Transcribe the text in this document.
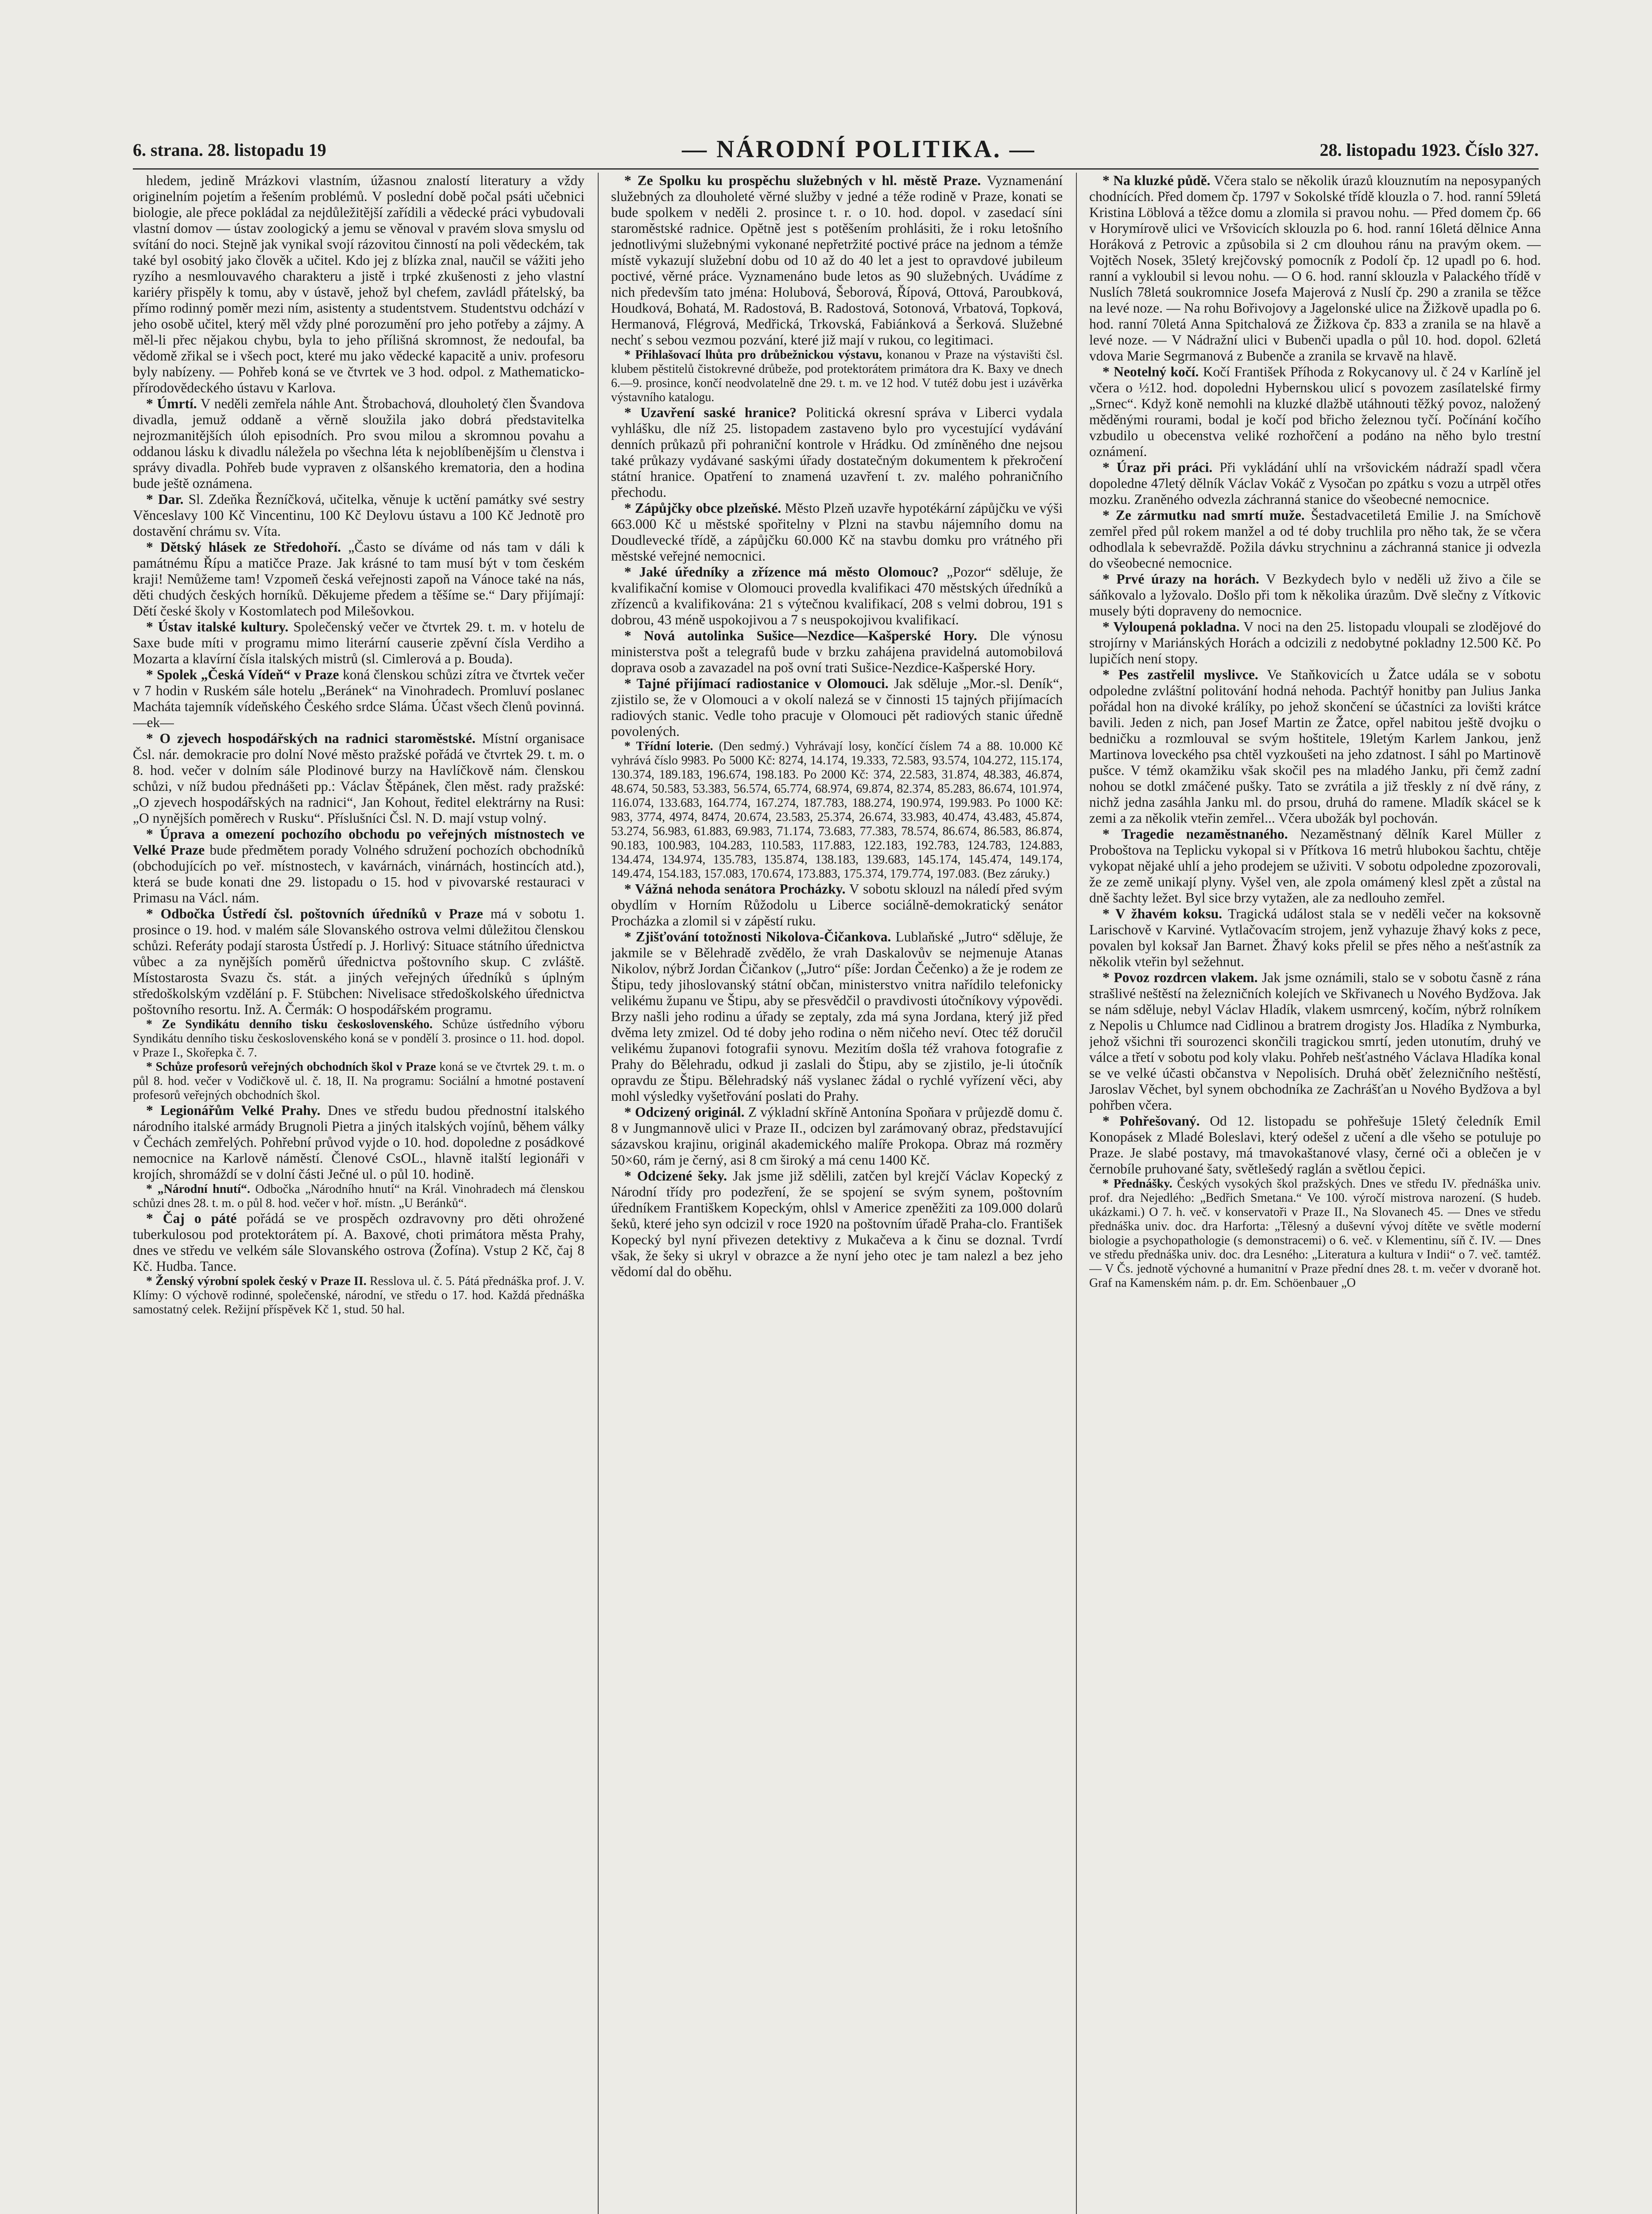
6. strana. 28. listopadu 19	— NÁRODNÍ POLITIKA. —	28. listopadu 1923. Číslo 327.

hledem, jedině Mrázkovi vlastním, úžasnou znalostí literatury a vždy originelním pojetím a řešením problémů. V poslední době počal psáti učebnici biologie, ale přece pokládal za nejdůležitější zařídili a vědecké práci vybudovali vlastní domov — ústav zoologický a jemu se věnoval v pravém slova smyslu od svítání do noci. Stejně jak vynikal svojí rázovitou činností na poli vědeckém, tak také byl osobitý jako člověk a učitel. Kdo jej z blízka znal, naučil se vážiti jeho ryzího a nesmlouvavého charakteru a jistě i trpké zkušenosti z jeho vlastní kariéry přispěly k tomu, aby v ústavě, jehož byl chefem, zavládl přátelský, ba přímo rodinný poměr mezi ním, asistenty a studentstvem. Studentstvu odchází v jeho osobě učitel, který měl vždy plné porozumění pro jeho potřeby a zájmy. A měl-li přec nějakou chybu, byla to jeho přílišná skromnost, že nedoufal, ba vědomě zřikal se i všech poct, které mu jako vědecké kapacitě a univ. profesoru byly nabízeny. — Pohřeb koná se ve čtvrtek ve 3 hod. odpol. z Mathematicko-přírodovědeckého ústavu v Karlova.

* Úmrtí. V neděli zemřela náhle Ant. Štrobachová, dlouholetý člen Švandova divadla, jemuž oddaně a věrně sloužila jako dobrá představitelka nejrozmanitějších úloh episodních. Pro svou milou a skromnou povahu a oddanou lásku k divadlu náležela po všechna léta k nejoblíbenějším u členstva i správy divadla. Pohřeb bude vypraven z olšanského krematoria, den a hodina bude ještě oznámena.

* Dar. Sl. Zdeňka Řezníčková, učitelka, věnuje k uctění památky své sestry Věnceslavy 100 Kč Vincentinu, 100 Kč Deylovu ústavu a 100 Kč Jednotě pro dostavění chrámu sv. Víta.

* Dětský hlásek ze Středohoří. „Často se díváme od nás tam v dáli k památnému Řípu a matičce Praze. Jak krásné to tam musí být v tom českém kraji! Nemůžeme tam! Vzpomeň česká veřejnosti zapoň na Vánoce také na nás, děti chudých českých horníků. Děkujeme předem a těšíme se.“ Dary přijímají: Dětí české školy v Kostomlatech pod Milešovkou.

* Ústav italské kultury. Společenský večer ve čtvrtek 29. t. m. v hotelu de Saxe bude míti v programu mimo literární causerie zpěvní čísla Verdiho a Mozarta a klavírní čísla italských mistrů (sl. Cimlerová a p. Bouda).

* Spolek „Česká Vídeň“ v Praze koná členskou schůzi zítra ve čtvrtek večer v 7 hodin v Ruském sále hotelu „Beránek“ na Vinohradech. Promluví poslanec Macháta tajemník vídeňského Českého srdce Sláma. Účast všech členů povinná. —ek—

* O zjevech hospodářských na radnici staroměstské. Místní organisace Čsl. nár. demokracie pro dolní Nové město pražské pořádá ve čtvrtek 29. t. m. o 8. hod. večer v dolním sále Plodinové burzy na Havlíčkově nám. členskou schůzi, v níž budou přednášeti pp.: Václav Štěpánek, člen měst. rady pražské: „O zjevech hospodářských na radnici“, Jan Kohout, ředitel elektrárny na Rusi: „O nynějších poměrech v Rusku“. Příslušníci Čsl. N. D. mají vstup volný.

* Úprava a omezení pochozího obchodu po veřejných místnostech ve Velké Praze bude předmětem porady Volného sdružení pochozích obchodníků (obchodujících po veř. místnostech, v kavárnách, vinárnách, hostincích atd.), která se bude konati dne 29. listopadu o 15. hod v pivovarské restauraci v Primasu na Václ. nám.

* Odbočka Ústředí čsl. poštovních úředníků v Praze má v sobotu 1. prosince o 19. hod. v malém sále Slovanského ostrova velmi důležitou členskou schůzi. Referáty podají starosta Ústředí p. J. Horlivý: Situace státního úřednictva vůbec a za nynějších poměrů úřednictva poštovního skup. C zvláště. Místostarosta Svazu čs. stát. a jiných veřejných úředníků s úplným středoškolským vzdělání p. F. Stübchen: Nivelisace středoškolského úřednictva poštovního resortu. Inž. A. Čermák: O hospodářském programu.

* Ze Syndikátu denního tisku československého. Schůze ústředního výboru Syndikátu denního tisku československého koná se v pondělí 3. prosince o 11. hod. dopol. v Praze I., Skořepka č. 7.

* Schůze profesorů veřejných obchodních škol v Praze koná se ve čtvrtek 29. t. m. o půl 8. hod. večer v Vodičkově ul. č. 18, II. Na programu: Sociální a hmotné postavení profesorů veřejných obchodních škol.

* Legionářům Velké Prahy. Dnes ve středu budou přednostní italského národního italské armády Brugnoli Pietra a jiných italských vojínů, během války v Čechách zemřelých. Pohřební průvod vyjde o 10. hod. dopoledne z posádkové nemocnice na Karlově náměstí. Členové CsOL., hlavně italští legionáři v krojích, shromáždí se v dolní části Ječné ul. o půl 10. hodině.

* „Národní hnutí“. Odbočka „Národního hnutí“ na Král. Vinohradech má členskou schůzi dnes 28. t. m. o půl 8. hod. večer v hoř. místn. „U Beránků“.

* Čaj o páté pořádá se ve prospěch ozdravovny pro děti ohrožené tuberkulosou pod protektorátem pí. A. Baxové, choti primátora města Prahy, dnes ve středu ve velkém sále Slovanského ostrova (Žofína). Vstup 2 Kč, čaj 8 Kč. Hudba. Tance.

* Ženský výrobní spolek český v Praze II. Resslova ul. č. 5. Pátá přednáška prof. J. V. Klímy: O výchově rodinné, společenské, národní, ve středu o 17. hod. Každá přednáška samostatný celek. Režijní příspěvek Kč 1, stud. 50 hal.

* Ze Spolku ku prospěchu služebných v hl. městě Praze. Vyznamenání služebných za dlouholeté věrné služby v jedné a téže rodině v Praze, konati se bude spolkem v neděli 2. prosince t. r. o 10. hod. dopol. v zasedací síni staroměstské radnice. Opětně jest s potěšením prohlásiti, že i roku letošního jednotlivými služebnými vykonané nepřetržité poctivé práce na jednom a témže místě vykazují služební dobu od 10 až do 40 let a jest to opravdové jubileum poctivé, věrné práce. Vyznamenáno bude letos as 90 služebných. Uvádíme z nich především tato jména: Holubová, Šeborová, Řípová, Ottová, Paroubková, Houdková, Bohatá, M. Radostová, B. Radostová, Sotonová, Vrbatová, Topková, Hermanová, Flégrová, Medřická, Trkovská, Fabiánková a Šerková. Služebné nechť s sebou vezmou pozvání, které již mají v rukou, co legitimaci.

* Přihlašovací lhůta pro drůbežnickou výstavu, konanou v Praze na výstavišti čsl. klubem pěstitelů čistokrevné drůbeže, pod protektorátem primátora dra K. Baxy ve dnech 6.—9. prosince, končí neodvolatelně dne 29. t. m. ve 12 hod. V tutéž dobu jest i uzávěrka výstavního katalogu.

* Uzavření saské hranice? Politická okresní správa v Liberci vydala vyhlášku, dle níž 25. listopadem zastaveno bylo pro vycestující vydávání denních průkazů při pohraniční kontrole v Hrádku. Od zmíněného dne nejsou také průkazy vydávané saskými úřady dostatečným dokumentem k překročení státní hranice. Opatření to znamená uzavření t. zv. malého pohraničního přechodu.

* Zápůjčky obce plzeňské. Město Plzeň uzavře hypotékární zápůjčku ve výši 663.000 Kč u městské spořitelny v Plzni na stavbu nájemního domu na Doudlevecké třídě, a zápůjčku 60.000 Kč na stavbu domku pro vrátného při městské veřejné nemocnici.

* Jaké úředníky a zřízence má město Olomouc? „Pozor“ sděluje, že kvalifikační komise v Olomouci provedla kvalifikaci 470 městských úředníků a zřízenců a kvalifikována: 21 s výtečnou kvalifikací, 208 s velmi dobrou, 191 s dobrou, 43 méně uspokojivou a 7 s neuspokojivou kvalifikací.

* Nová autolinka Sušice—Nezdice—Kašperské Hory. Dle výnosu ministerstva pošt a telegrafů bude v brzku zahájena pravidelná automobilová doprava osob a zavazadel na poš ovní trati Sušice-Nezdice-Kašperské Hory.

* Tajné přijímací radiostanice v Olomouci. Jak sděluje „Mor.-sl. Deník“, zjistilo se, že v Olomouci a v okolí nalezá se v činnosti 15 tajných přijímacích radiových stanic. Vedle toho pracuje v Olomouci pět radiových stanic úředně povolených.

* Třídní loterie. (Den sedmý.) Vyhrávají losy, končící číslem 74 a 88. 10.000 Kč vyhrává číslo 9983. Po 5000 Kč: 8274, 14.174, 19.333, 72.583, 93.574, 104.272, 115.174, 130.374, 189.183, 196.674, 198.183. Po 2000 Kč: 374, 22.583, 31.874, 48.383, 46.874, 48.674, 50.583, 53.383, 56.574, 65.774, 68.974, 69.874, 82.374, 85.283, 86.674, 101.974, 116.074, 133.683, 164.774, 167.274, 187.783, 188.274, 190.974, 199.983. Po 1000 Kč: 983, 3774, 4974, 8474, 20.674, 23.583, 25.374, 26.674, 33.983, 40.474, 43.483, 45.874, 53.274, 56.983, 61.883, 69.983, 71.174, 73.683, 77.383, 78.574, 86.674, 86.583, 86.874, 90.183, 100.983, 104.283, 110.583, 117.883, 122.183, 192.783, 124.783, 124.883, 134.474, 134.974, 135.783, 135.874, 138.183, 139.683, 145.174, 145.474, 149.174, 149.474, 154.183, 157.083, 170.674, 173.883, 175.374, 179.774, 197.083. (Bez záruky.)

* Vážná nehoda senátora Procházky. V sobotu sklouzl na náledí před svým obydlím v Horním Růžodolu u Liberce sociálně-demokratický senátor Procházka a zlomil si v zápěstí ruku.

* Zjišťování totožnosti Nikolova-Čičankova. Lublaňské „Jutro“ sděluje, že jakmile se v Bělehradě zvědělo, že vrah Daskalovův se nejmenuje Atanas Nikolov, nýbrž Jordan Čičankov („Jutro“ píše: Jordan Čečenko) a že je rodem ze Štipu, tedy jihoslovanský státní občan, ministerstvo vnitra nařídilo telefonicky velikému županu ve Štipu, aby se přesvědčil o pravdivosti útočníkovy výpovědi. Brzy našli jeho rodinu a úřady se zeptaly, zda má syna Jordana, který již před dvěma lety zmizel. Od té doby jeho rodina o něm ničeho neví. Otec též doručil velikému županovi fotografii synovu. Mezitím došla též vrahova fotografie z Prahy do Bělehradu, odkud ji zaslali do Štipu, aby se zjistilo, je-li útočník opravdu ze Štipu. Bělehradský náš vyslanec žádal o rychlé vyřízení věci, aby mohl výsledky vyšetřování poslati do Prahy.

* Odcizený originál. Z výkladní skříně Antonína Spoňara v průjezdě domu č. 8 v Jungmannově ulici v Praze II., odcizen byl zarámovaný obraz, představující sázavskou krajinu, originál akademického malíře Prokopa. Obraz má rozměry 50×60, rám je černý, asi 8 cm široký a má cenu 1400 Kč.

* Odcizené šeky. Jak jsme již sdělili, zatčen byl krejčí Václav Kopecký z Národní třídy pro podezření, že se spojení se svým synem, poštovním úředníkem Františkem Kopeckým, ohlsl v Americe zpeněžiti za 109.000 dolarů šeků, které jeho syn odcizil v roce 1920 na poštovním úřadě Praha-clo. František Kopecký byl nyní přivezen detektivy z Mukačeva a k činu se doznal. Tvrdí však, že šeky si ukryl v obrazce a že nyní jeho otec je tam nalezl a bez jeho vědomí dal do oběhu.

* Na kluzké půdě. Včera stalo se několik úrazů klouznutím na neposypaných chodnících. Před domem čp. 1797 v Sokolské třídě klouzla o 7. hod. ranní 59letá Kristina Löblová a těžce domu a zlomila si pravou nohu. — Před domem čp. 66 v Horymírově ulici ve Vršovicích sklouzla po 6. hod. ranní 16letá dělnice Anna Horáková z Petrovic a způsobila si 2 cm dlouhou ránu na pravým okem. — Vojtěch Nosek, 35letý krejčovský pomocník z Podolí čp. 12 upadl po 6. hod. ranní a vykloubil si levou nohu. — O 6. hod. ranní sklouzla v Palackého třídě v Nuslích 78letá soukromnice Josefa Majerová z Nuslí čp. 290 a zranila se těžce na levé noze. — Na rohu Bořivojovy a Jagelonské ulice na Žižkově upadla po 6. hod. ranní 70letá Anna Spitchalová ze Žižkova čp. 833 a zranila se na hlavě a levé noze. — V Nádražní ulici v Bubenči upadla o půl 10. hod. dopol. 62letá vdova Marie Segrmanová z Bubenče a zranila se krvavě na hlavě.

* Neotelný kočí. Kočí František Příhoda z Rokycanovy ul. č 24 v Karlíně jel včera o ½12. hod. dopoledni Hybernskou ulicí s povozem zasílatelské firmy „Srnec“. Když koně nemohli na kluzké dlažbě utáhnouti těžký povoz, naložený měděnými rourami, bodal je kočí pod břicho železnou tyčí. Počínání kočího vzbudilo u obecenstva veliké rozhořčení a podáno na něho bylo trestní oznámení.

* Úraz při práci. Při vykládání uhlí na vršovickém nádraží spadl včera dopoledne 47letý dělník Václav Vokáč z Vysočan po zpátku s vozu a utrpěl otřes mozku. Zraněného odvezla záchranná stanice do všeobecné nemocnice.

* Ze zármutku nad smrtí muže. Šestadvacetiletá Emilie J. na Smíchově zemřel před půl rokem manžel a od té doby truchlila pro něho tak, že se včera odhodlala k sebevraždě. Požila dávku strychninu a záchranná stanice ji odvezla do všeobecné nemocnice.

* Prvé úrazy na horách. V Bezkydech bylo v neděli už živo a čile se sáňkovalo a lyžovalo. Došlo při tom k několika úrazům. Dvě slečny z Vítkovic musely býti dopraveny do nemocnice.

* Vyloupená pokladna. V noci na den 25. listopadu vloupali se zlodějové do strojírny v Mariánských Horách a odcizili z nedobytné pokladny 12.500 Kč. Po lupičích není stopy.

* Pes zastřelil myslivce. Ve Staňkovicích u Žatce udála se v sobotu odpoledne zvláštní politování hodná nehoda. Pachtýř honitby pan Julius Janka pořádal hon na divoké králíky, po jehož skončení se účastníci za lovišti krátce bavili. Jeden z nich, pan Josef Martin ze Žatce, opřel nabitou ještě dvojku o bedničku a rozmlouval se svým hoštitele, 19letým Karlem Jankou, jenž Martinova loveckého psa chtěl vyzkoušeti na jeho zdatnost. I sáhl po Martinově pušce. V témž okamžiku však skočil pes na mladého Janku, při čemž zadní nohou se dotkl zmáčené pušky. Tato se zvrátila a již třeskly z ní dvě rány, z nichž jedna zasáhla Janku ml. do prsou, druhá do ramene. Mladík skácel se k zemi a za několik vteřin zemřel... Včera ubožák byl pochován.

* Tragedie nezaměstnaného. Nezaměstnaný dělník Karel Müller z Proboštova na Teplicku vykopal si v Přítkova 16 metrů hlubokou šachtu, chtěje vykopat nějaké uhlí a jeho prodejem se uživiti. V sobotu odpoledne zpozorovali, že ze země unikají plyny. Vyšel ven, ale zpola omámený klesl zpět a zůstal na dně šachty ležet. Byl sice brzy vytažen, ale za nedlouho zemřel.

* V žhavém koksu. Tragická událost stala se v neděli večer na koksovně Larischově v Karviné. Vytlačovacím strojem, jenž vyhazuje žhavý koks z pece, povalen byl koksař Jan Barnet. Žhavý koks přelil se přes něho a nešťastník za několik vteřin byl sežehnut.

* Povoz rozdrcen vlakem. Jak jsme oznámili, stalo se v sobotu časně z rána strašlivé neštěstí na železničních kolejích ve Skřivanech u Nového Bydžova. Jak se nám sděluje, nebyl Václav Hladík, vlakem usmrcený, kočím, nýbrž rolníkem z Nepolis u Chlumce nad Cidlinou a bratrem drogisty Jos. Hladíka z Nymburka, jehož všichni tři sourozenci skončili tragickou smrtí, jeden utonutím, druhý ve válce a třetí v sobotu pod koly vlaku. Pohřeb nešťastného Václava Hladíka konal se ve velké účasti občanstva v Nepolisích. Druhá oběť železničního neštěstí, Jaroslav Věchet, byl synem obchodníka ze Zachrášťan u Nového Bydžova a byl pohřben včera.

* Pohřešovaný. Od 12. listopadu se pohřešuje 15letý čeledník Emil Konopásek z Mladé Boleslavi, který odešel z učení a dle všeho se potuluje po Praze. Je slabé postavy, má tmavokaštanové vlasy, černé oči a oblečen je v černobíle pruhované šaty, světlešedý raglán a světlou čepici.

* Přednášky. Českých vysokých škol pražských. Dnes ve středu IV. přednáška univ. prof. dra Nejedlého: „Bedřich Smetana.“ Ve 100. výročí mistrova narození. (S hudeb. ukázkami.) O 7. h. več. v konservatoři v Praze II., Na Slovanech 45. — Dnes ve středu přednáška univ. doc. dra Harforta: „Tělesný a duševní vývoj dítěte ve světle moderní biologie a psychopathologie (s demonstracemi) o 6. več. v Klementinu, síň č. IV. — Dnes ve středu přednáška univ. doc. dra Lesného: „Literatura a kultura v Indii“ o 7. več. tamtéž. — V Čs. jednotě výchovné a humanitní v Praze přední dnes 28. t. m. večer v dvoraně hot. Graf na Kamenském nám. p. dr. Em. Schöenbauer „O
